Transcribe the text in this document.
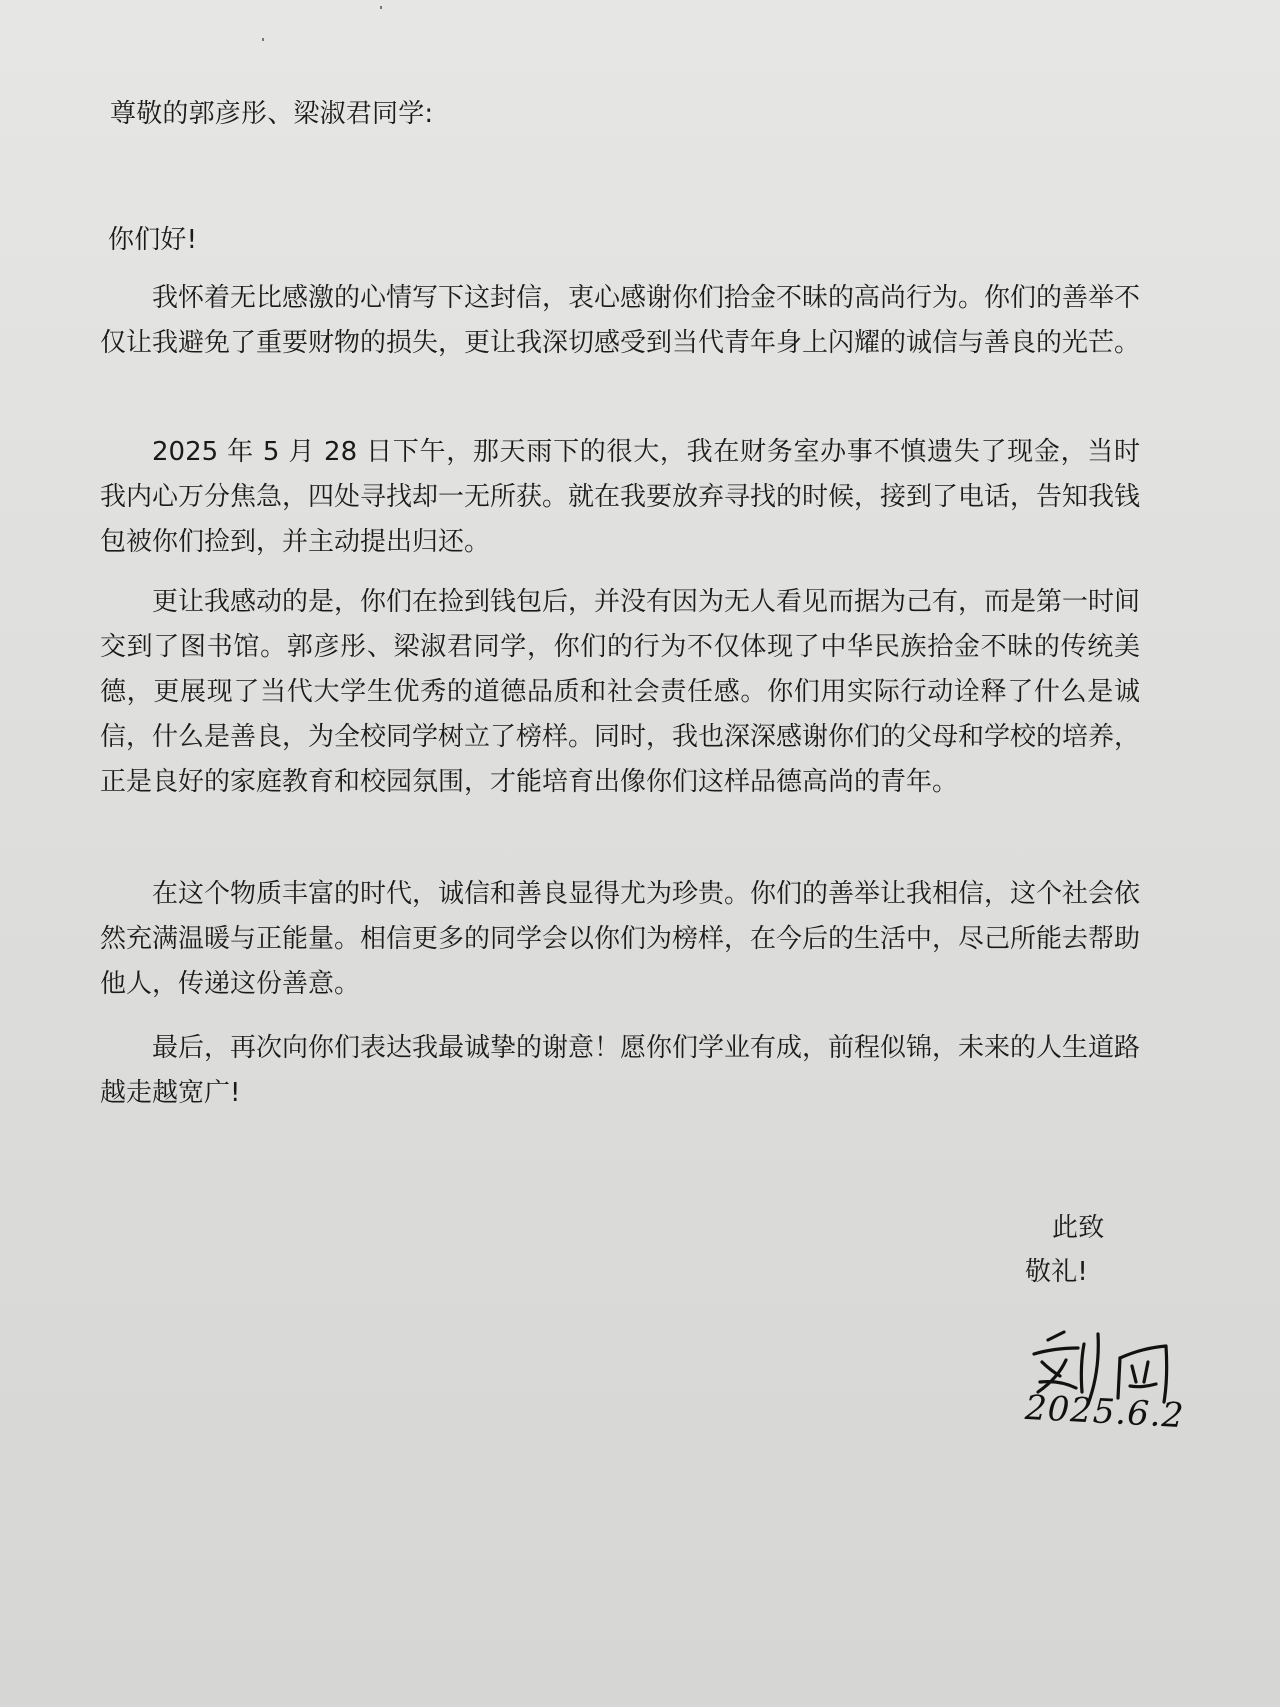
尊敬的郭彦彤、梁淑君同学:
你们好!

我怀着无比感激的心情写下这封信，衷心感谢你们拾金不昧的高尚行为。你们的善举不仅让我避免了重要财物的损失，更让我深切感受到当代青年身上闪耀的诚信与善良的光芒。

2025 年 5 月 28 日下午，那天雨下的很大，我在财务室办事不慎遗失了现金，当时我内心万分焦急，四处寻找却一无所获。就在我要放弃寻找的时候，接到了电话，告知我钱包被你们捡到，并主动提出归还。

更让我感动的是，你们在捡到钱包后，并没有因为无人看见而据为己有，而是第一时间交到了图书馆。郭彦彤、梁淑君同学，你们的行为不仅体现了中华民族拾金不昧的传统美德，更展现了当代大学生优秀的道德品质和社会责任感。你们用实际行动诠释了什么是诚信，什么是善良，为全校同学树立了榜样。同时，我也深深感谢你们的父母和学校的培养，正是良好的家庭教育和校园氛围，才能培育出像你们这样品德高尚的青年。

在这个物质丰富的时代，诚信和善良显得尤为珍贵。你们的善举让我相信，这个社会依然充满温暖与正能量。相信更多的同学会以你们为榜样，在今后的生活中，尽己所能去帮助他人，传递这份善意。

最后，再次向你们表达我最诚挚的谢意！愿你们学业有成，前程似锦，未来的人生道路越走越宽广!

此致
敬礼!
2025.6.2
